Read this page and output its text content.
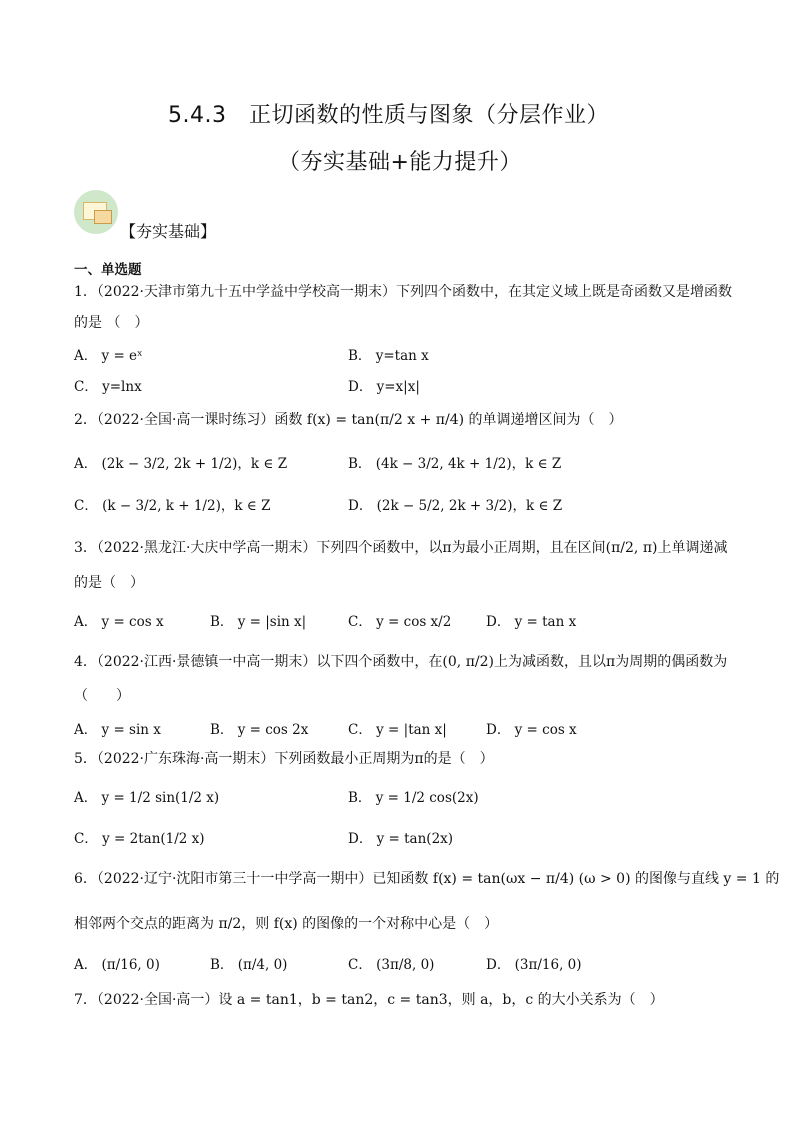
5.4.3　正切函数的性质与图象（分层作业）
（夯实基础+能力提升）
【夯实基础】
一、单选题
1．（2022·天津市第九十五中学益中学校高一期末）下列四个函数中，在其定义域上既是奇函数又是增函数
的是 （　）
A． y = eˣ	B． y=tan x
C． y=lnx	D． y=x|x|
2．（2022·全国·高一课时练习）函数 f(x) = tan(π/2 x + π/4) 的单调递增区间为（　）
A． (2k − 3/2, 2k + 1/2)，k ∈ Z	B． (4k − 3/2, 4k + 1/2)，k ∈ Z
C． (k − 3/2, k + 1/2)，k ∈ Z	D． (2k − 5/2, 2k + 3/2)，k ∈ Z
3．（2022·黑龙江·大庆中学高一期末）下列四个函数中，以π为最小正周期，且在区间(π/2, π)上单调递减
的是（　）
A． y = cos x	B． y = |sin x|	C． y = cos x/2	D． y = tan x
4．（2022·江西·景德镇一中高一期末）以下四个函数中，在(0, π/2)上为减函数，且以π为周期的偶函数为
（　　）
A． y = sin x	B． y = cos 2x	C． y = |tan x|	D． y = cos x
5．（2022·广东珠海·高一期末）下列函数最小正周期为π的是（　）
A． y = 1/2 sin(1/2 x)	B． y = 1/2 cos(2x)
C． y = 2tan(1/2 x)	D． y = tan(2x)
6．（2022·辽宁·沈阳市第三十一中学高一期中）已知函数 f(x) = tan(ωx − π/4) (ω > 0) 的图像与直线 y = 1 的
相邻两个交点的距离为 π/2，则 f(x) 的图像的一个对称中心是（　）
A． (π/16, 0)	B． (π/4, 0)	C． (3π/8, 0)	D． (3π/16, 0)
7．（2022·全国·高一）设 a = tan1，b = tan2，c = tan3，则 a，b，c 的大小关系为（　）
